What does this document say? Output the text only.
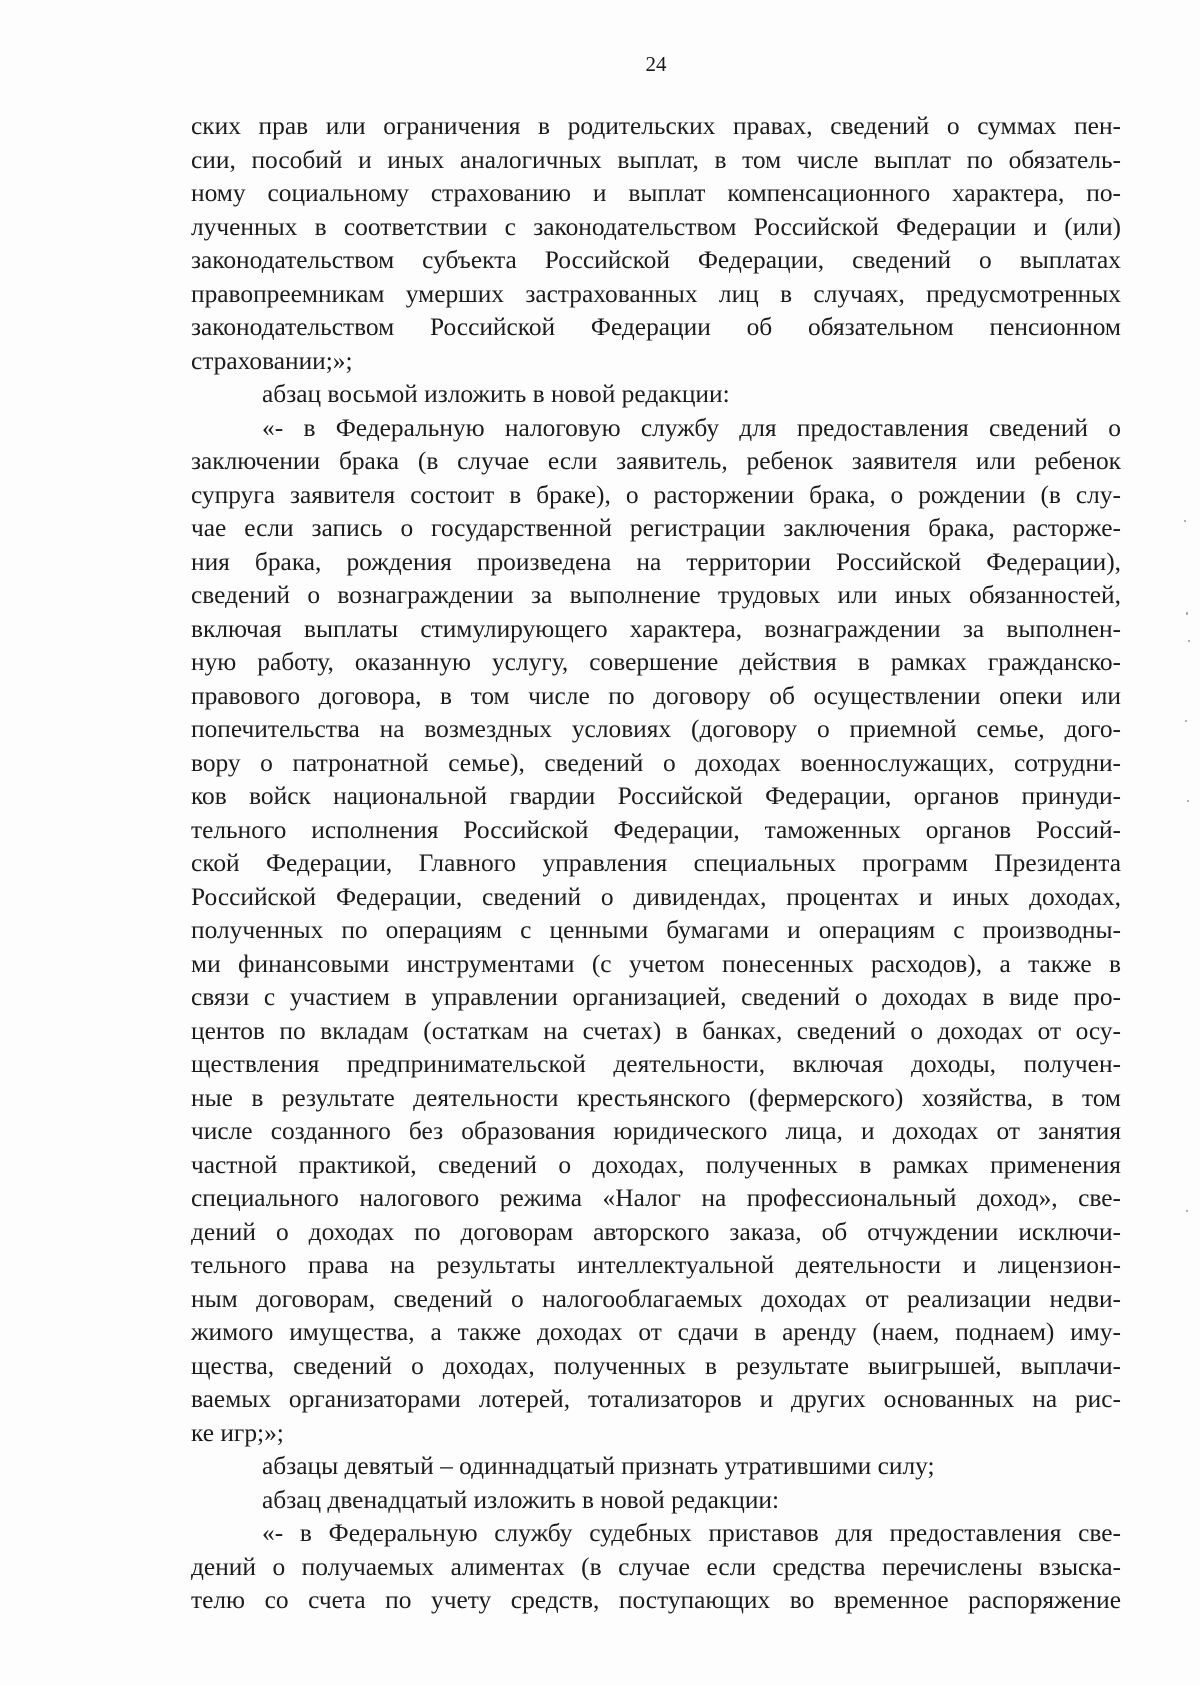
24
ских прав или ограничения в родительских правах, сведений о суммах пен-
сии, пособий и иных аналогичных выплат, в том числе выплат по обязатель-
ному социальному страхованию и выплат компенсационного характера, по-
лученных в соответствии с законодательством Российской Федерации и (или)
законодательством субъекта Российской Федерации, сведений о выплатах
правопреемникам умерших застрахованных лиц в случаях, предусмотренных
законодательством Российской Федерации об обязательном пенсионном
страховании;»;
абзац восьмой изложить в новой редакции:
«- в Федеральную налоговую службу для предоставления сведений о
заключении брака (в случае если заявитель, ребенок заявителя или ребенок
супруга заявителя состоит в браке), о расторжении брака, о рождении (в слу-
чае если запись о государственной регистрации заключения брака, расторже-
ния брака, рождения произведена на территории Российской Федерации),
сведений о вознаграждении за выполнение трудовых или иных обязанностей,
включая выплаты стимулирующего характера, вознаграждении за выполнен-
ную работу, оказанную услугу, совершение действия в рамках гражданско-
правового договора, в том числе по договору об осуществлении опеки или
попечительства на возмездных условиях (договору о приемной семье, дого-
вору о патронатной семье), сведений о доходах военнослужащих, сотрудни-
ков войск национальной гвардии Российской Федерации, органов принуди-
тельного исполнения Российской Федерации, таможенных органов Россий-
ской Федерации, Главного управления специальных программ Президента
Российской Федерации, сведений о дивидендах, процентах и иных доходах,
полученных по операциям с ценными бумагами и операциям с производны-
ми финансовыми инструментами (с учетом понесенных расходов), а также в
связи с участием в управлении организацией, сведений о доходах в виде про-
центов по вкладам (остаткам на счетах) в банках, сведений о доходах от осу-
ществления предпринимательской деятельности, включая доходы, получен-
ные в результате деятельности крестьянского (фермерского) хозяйства, в том
числе созданного без образования юридического лица, и доходах от занятия
частной практикой, сведений о доходах, полученных в рамках применения
специального налогового режима «Налог на профессиональный доход», све-
дений о доходах по договорам авторского заказа, об отчуждении исключи-
тельного права на результаты интеллектуальной деятельности и лицензион-
ным договорам, сведений о налогооблагаемых доходах от реализации недви-
жимого имущества, а также доходах от сдачи в аренду (наем, поднаем) иму-
щества, сведений о доходах, полученных в результате выигрышей, выплачи-
ваемых организаторами лотерей, тотализаторов и других основанных на рис-
ке игр;»;
абзацы девятый – одиннадцатый признать утратившими силу;
абзац двенадцатый изложить в новой редакции:
«- в Федеральную службу судебных приставов для предоставления све-
дений о получаемых алиментах (в случае если средства перечислены взыска-
телю со счета по учету средств, поступающих во временное распоряжение
